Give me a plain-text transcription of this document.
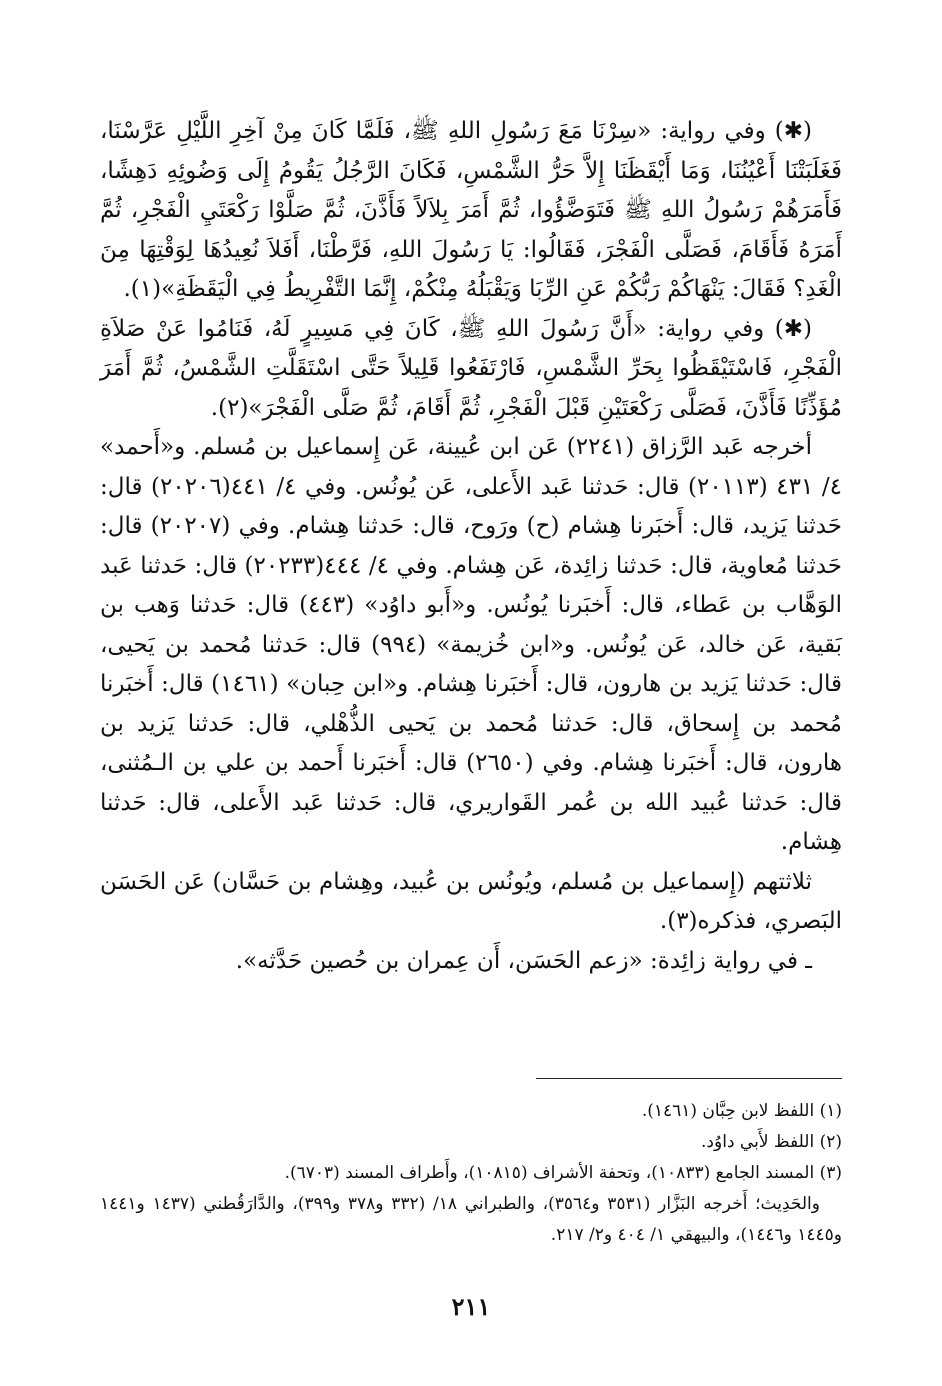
(✱) وفي رواية: «سِرْنَا مَعَ رَسُولِ اللهِ ﷺ، فَلَمَّا كَانَ مِنْ آخِرِ اللَّيْلِ عَرَّسْنَا، فَغَلَبَتْنَا أَعْيُنُنَا، وَمَا أَيْقَظَنَا إِلاَّ حَرُّ الشَّمْسِ، فَكَانَ الرَّجُلُ يَقُومُ إِلَى وَضُوئِهِ دَهِشًا، فَأَمَرَهُمْ رَسُولُ اللهِ ﷺ فَتَوَضَّؤُوا، ثُمَّ أَمَرَ بِلاَلاً فَأَذَّنَ، ثُمَّ صَلَّوْا رَكْعَتَيِ الْفَجْرِ، ثُمَّ أَمَرَهُ فَأَقَامَ، فَصَلَّى الْفَجْرَ، فَقَالُوا: يَا رَسُولَ اللهِ، فَرَّطْنَا، أَفَلاَ نُعِيدُهَا لِوَقْتِهَا مِنَ الْغَدِ؟ فَقَالَ: يَنْهَاكُمْ رَبُّكُمْ عَنِ الرِّبَا وَيَقْبَلُهُ مِنْكُمْ، إِنَّمَا التَّفْرِيطُ فِي الْيَقَظَةِ»(١).

(✱) وفي رواية: «أَنَّ رَسُولَ اللهِ ﷺ، كَانَ فِي مَسِيرٍ لَهُ، فَنَامُوا عَنْ صَلاَةِ الْفَجْرِ، فَاسْتَيْقَظُوا بِحَرِّ الشَّمْسِ، فَارْتَفَعُوا قَلِيلاً حَتَّى اسْتَقَلَّتِ الشَّمْسُ، ثُمَّ أَمَرَ مُؤَذِّنًا فَأَذَّنَ، فَصَلَّى رَكْعَتَيْنِ قَبْلَ الْفَجْرِ، ثُمَّ أَقَامَ، ثُمَّ صَلَّى الْفَجْرَ»(٢).

أخرجه عَبد الرَّزاق (٢٢٤١) عَن ابن عُيينة، عَن إِسماعيل بن مُسلم. و«أَحمد» ٤/ ٤٣١ (٢٠١١٣) قال: حَدثنا عَبد الأَعلى، عَن يُونُس. وفي ٤/ ٤٤١(٢٠٢٠٦) قال: حَدثنا يَزيد، قال: أَخبَرنا هِشام (ح) ورَوح، قال: حَدثنا هِشام. وفي (٢٠٢٠٧) قال: حَدثنا مُعاوية، قال: حَدثنا زائِدة، عَن هِشام. وفي ٤/ ٤٤٤(٢٠٢٣٣) قال: حَدثنا عَبد الوَهَّاب بن عَطاء، قال: أَخبَرنا يُونُس. و«أَبو داوُد» (٤٤٣) قال: حَدثنا وَهب بن بَقية، عَن خالد، عَن يُونُس. و«ابن خُزيمة» (٩٩٤) قال: حَدثنا مُحمد بن يَحيى، قال: حَدثنا يَزيد بن هارون، قال: أَخبَرنا هِشام. و«ابن حِبان» (١٤٦١) قال: أَخبَرنا مُحمد بن إِسحاق، قال: حَدثنا مُحمد بن يَحيى الذُّهْلي، قال: حَدثنا يَزيد بن هارون، قال: أَخبَرنا هِشام. وفي (٢٦٥٠) قال: أَخبَرنا أَحمد بن علي بن الـمُثنى، قال: حَدثنا عُبيد الله بن عُمر القَواريري، قال: حَدثنا عَبد الأَعلى، قال: حَدثنا هِشام.

ثلاثتهم (إِسماعيل بن مُسلم، ويُونُس بن عُبيد، وهِشام بن حَسَّان) عَن الحَسَن البَصري، فذكره(٣).

ـ في رواية زائِدة: «زعم الحَسَن، أَن عِمران بن حُصين حَدَّثه».

(١) اللفظ لابن حِبَّان (١٤٦١).

(٢) اللفظ لأَبي داوُد.

(٣) المسند الجامع (١٠٨٣٣)، وتحفة الأشراف (١٠٨١٥)، وأَطراف المسند (٦٧٠٣).

والحَدِيث؛ أَخرجه البَزَّار (٣٥٣١ و٣٥٦٤)، والطبراني ١٨/ (٣٣٢ و٣٧٨ و٣٩٩)، والدَّارَقُطني (١٤٣٧ و١٤٤١ و١٤٤٥ و١٤٤٦)، والبيهقي ١/ ٤٠٤ و٢/ ٢١٧.

٢١١
